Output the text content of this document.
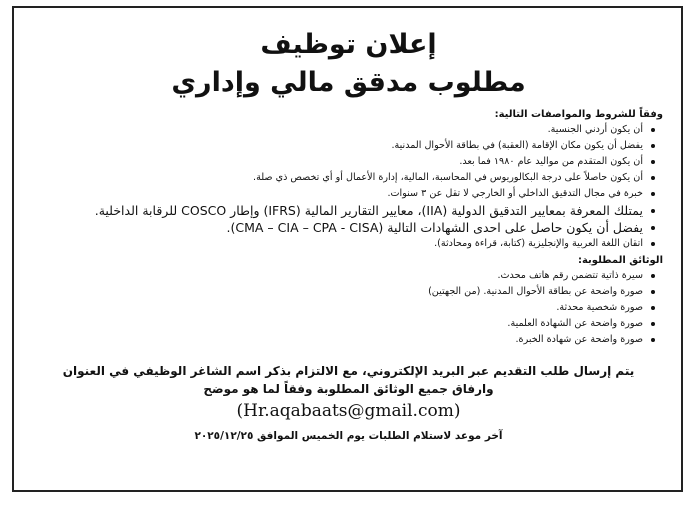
إعلان توظيف
مطلوب مدقق مالي وإداري
وفقاً للشروط والمواصفات التالية:
أن يكون أردني الجنسية.
يفضل أن يكون مكان الإقامة (العقبة) في بطاقة الأحوال المدنية.
أن يكون المتقدم من مواليد عام ١٩٨٠ فما بعد.
أن يكون حاصلاً على درجة البكالوريوس في المحاسبة، المالية، إدارة الأعمال أو أي تخصص ذي صلة.
خبرة في مجال التدقيق الداخلي أو الخارجي لا تقل عن ٣ سنوات.
يمتلك المعرفة بمعايير التدقيق الدولية (IIA)، معايير التقارير المالية (IFRS) وإطار COSCO للرقابة الداخلية.
يفضل أن يكون حاصل على احدى الشهادات التالية (CMA – CIA – CPA - CISA).
اتقان اللغة العربية والإنجليزية (كتابة، قراءة ومحادثة).
الوثائق المطلوبة:
سيرة ذاتية تتضمن رقم هاتف محدث.
صورة واضحة عن بطاقة الأحوال المدنية. (من الجهتين)
صورة شخصية محدثة.
صورة واضحة عن الشهادة العلمية.
صورة واضحة عن شهادة الخبرة.
يتم إرسال طلب التقديم عبر البريد الإلكتروني، مع الالتزام بذكر اسم الشاغر الوظيفي في العنوان
وارفاق جميع الوثائق المطلوبة وفقاً لما هو موضح
(Hr.aqabaats@gmail.com)
آخر موعد لاستلام الطلبات يوم الخميس الموافق ٢٠٢٥/١٢/٢٥
